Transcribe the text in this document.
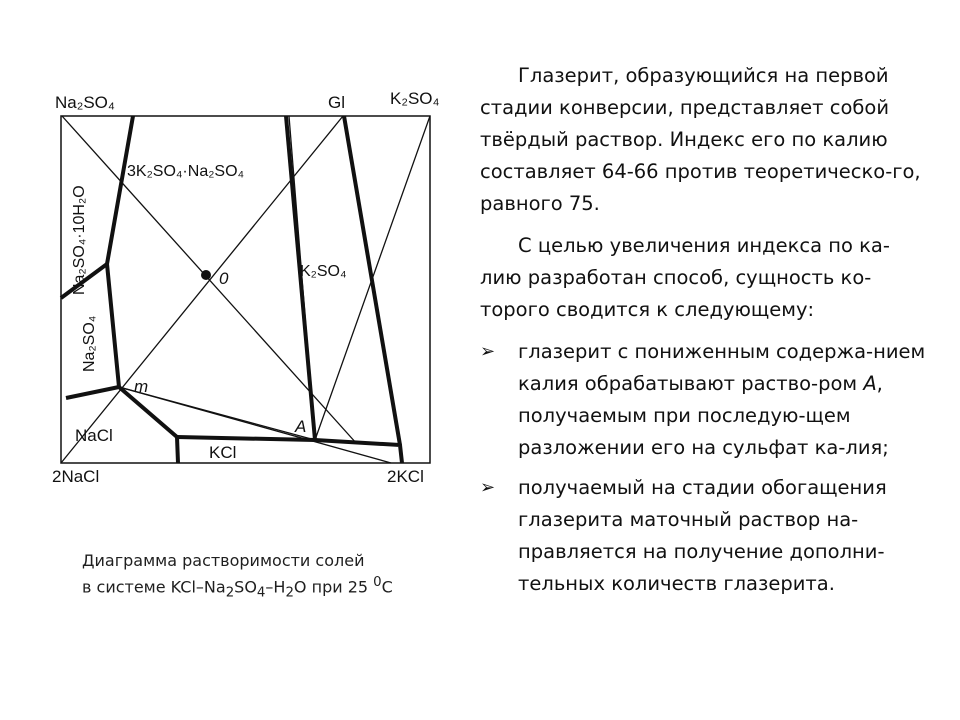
Na₂SO₄	Gl	K₂SO₄
Na₂SO₄·10H₂O
Na₂SO₄
3K₂SO₄·Na₂SO₄
K₂SO₄
0
m
A
NaCl
KCl
2NaCl	2KCl
Диаграмма растворимости солей
в системе KCl–$Na_2SO_4-H_2O$ при 25 $^0$C

Глазерит, образующийся на первой стадии конверсии, представляет собой твёрдый раствор. Индекс его по калию составляет 64-66 против теоретическо-го, равного 75.

С целью увеличения индекса по ка-лию разработан способ, сущность ко-торого сводится к следующему:

➢	глазерит с пониженным содержа-нием калия обрабатывают раство-ром А, получаемым при последую-щем разложении его на сульфат ка-лия;
➢	получаемый на стадии обогащения глазерита маточный раствор на-правляется на получение дополни-тельных количеств глазерита.
